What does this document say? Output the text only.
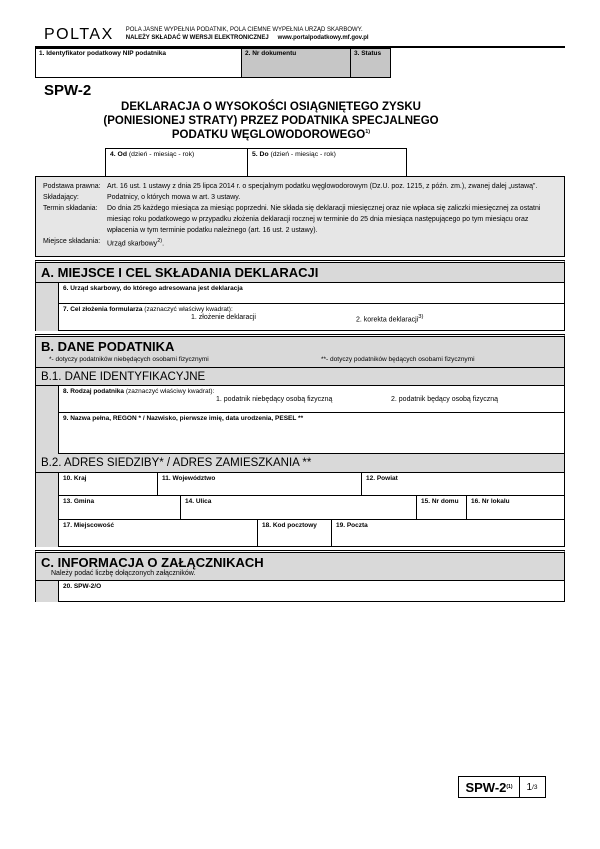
POLTAX POLA JASNE WYPEŁNIA PODATNIK, POLA CIEMNE WYPEŁNIA URZĄD SKARBOWY.
NALEŻY SKŁADAĆ W WERSJI ELEKTRONICZNEJ www.portalpodatkowy.mf.gov.pl
1. Identyfikator podatkowy NIP podatnika	2. Nr dokumentu	3. Status
SPW-2
DEKLARACJA O WYSOKOŚCI OSIĄGNIĘTEGO ZYSKU
(PONIESIONEJ STRATY) PRZEZ PODATNIKA SPECJALNEGO
PODATKU WĘGLOWODOROWEGO$^{1)}$
4. Od (dzień - miesiąc - rok)	5. Do (dzień - miesiąc - rok)
Podstawa prawna: Art. 16 ust. 1 ustawy z dnia 25 lipca 2014 r. o specjalnym podatku węglowodorowym (Dz.U. poz. 1215, z późn. zm.), zwanej dalej „ustawą”.
Składający:	Podatnicy, o których mowa w art. 3 ustawy.
Termin składania:	Do dnia 25 każdego miesiąca za miesiąc poprzedni. Nie składa się deklaracji miesięcznej oraz nie wpłaca się zaliczki miesięcznej za ostatni miesiąc roku podatkowego w przypadku złożenia deklaracji rocznej w terminie do 25 dnia miesiąca następującego po tym miesiącu oraz wpłacenia w tym terminie podatku należnego (art. 16 ust. 2 ustawy).
Miejsce składania: Urząd skarbowy$^{2)}$.
A. MIEJSCE I CEL SKŁADANIA DEKLARACJI
6. Urząd skarbowy, do którego adresowana jest deklaracja
7. Cel złożenia formularza (zaznaczyć właściwy kwadrat):
1. złożenie deklaracji	2. korekta deklaracji$^{3)}$
B. DANE PODATNIKA
*- dotyczy podatników niebędących osobami fizycznymi	**- dotyczy podatników będących osobami fizycznymi
B.1. DANE IDENTYFIKACYJNE
8. Rodzaj podatnika (zaznaczyć właściwy kwadrat):
1. podatnik niebędący osobą fizyczną	2. podatnik będący osobą fizyczną
9. Nazwa pełna, REGON * / Nazwisko, pierwsze imię, data urodzenia, PESEL **
B.2. ADRES SIEDZIBY* / ADRES ZAMIESZKANIA **
10. Kraj	11. Województwo	12. Powiat
13. Gmina	14. Ulica	15. Nr domu	16. Nr lokalu
17. Miejscowość	18. Kod pocztowy	19. Poczta
C. INFORMACJA O ZAŁĄCZNIKACH
Należy podać liczbę dołączonych załączników.
20. SPW-2/O
SPW-2 (1) 1 /3
